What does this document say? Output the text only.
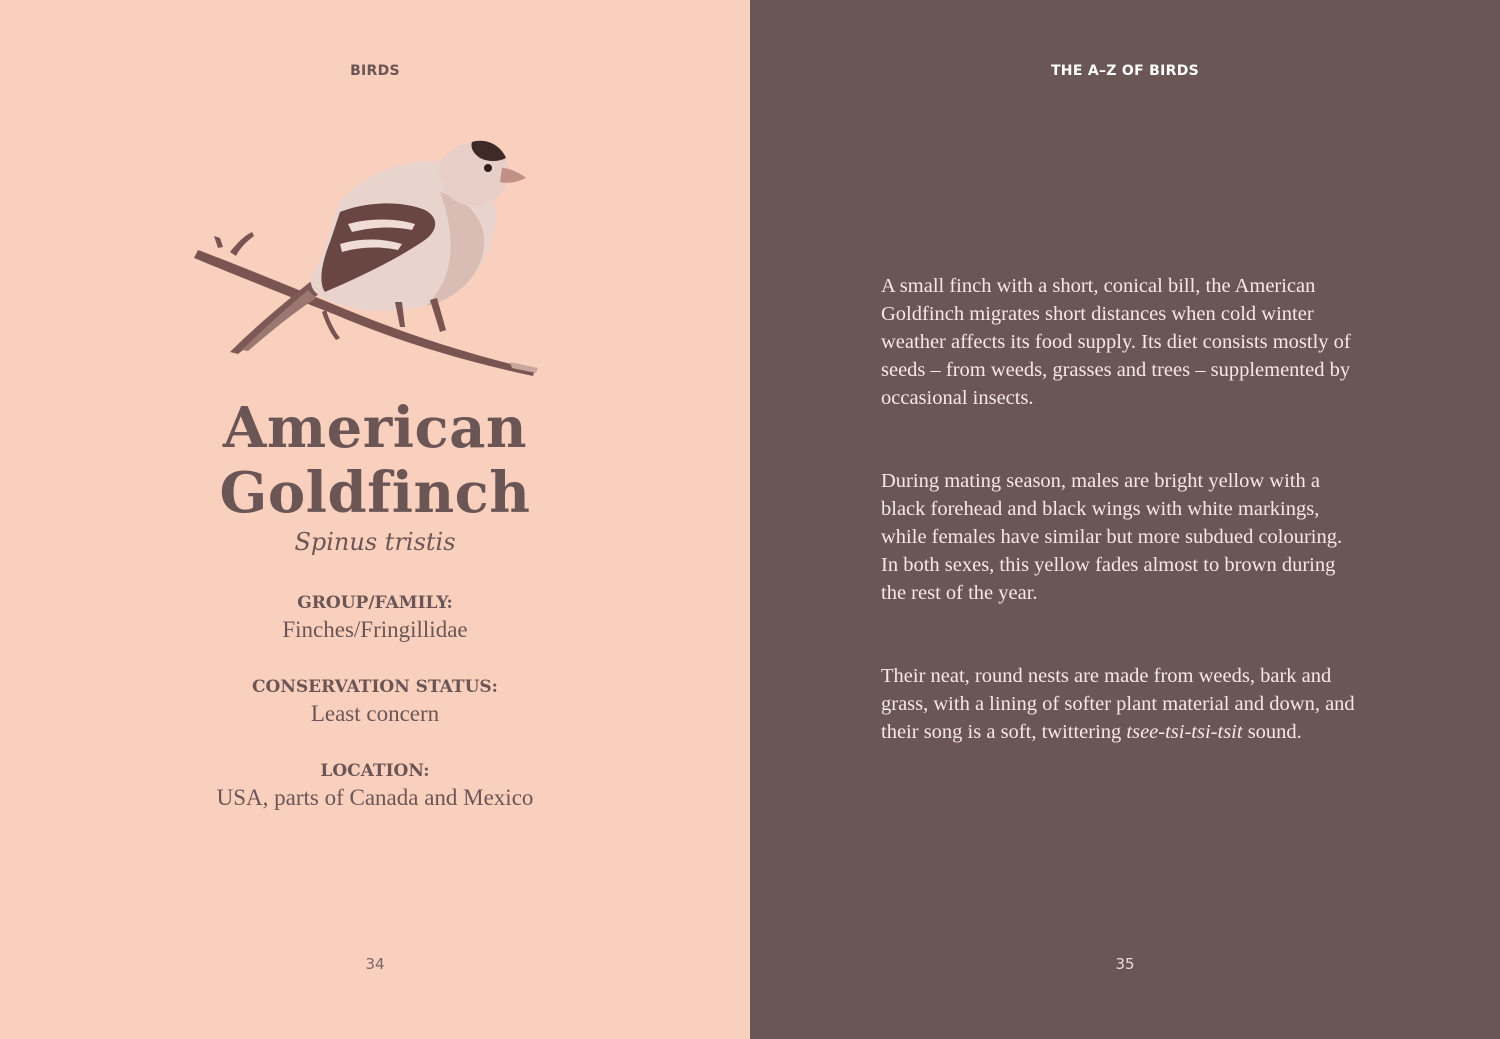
BIRDS
American
Goldfinch
Spinus tristis
GROUP/FAMILY:
Finches/Fringillidae
CONSERVATION STATUS:
Least concern
LOCATION:
USA, parts of Canada and Mexico
34
THE A–Z OF BIRDS

A small finch with a short, conical bill, the American Goldfinch migrates short distances when cold winter weather affects its food supply. Its diet consists mostly of seeds – from weeds, grasses and trees – supplemented by occasional insects.

During mating season, males are bright yellow with a black forehead and black wings with white markings, while females have similar but more subdued colouring. In both sexes, this yellow fades almost to brown during the rest of the year.

Their neat, round nests are made from weeds, bark and grass, with a lining of softer plant material and down, and their song is a soft, twittering tsee-tsi-tsi-tsit sound.

35
